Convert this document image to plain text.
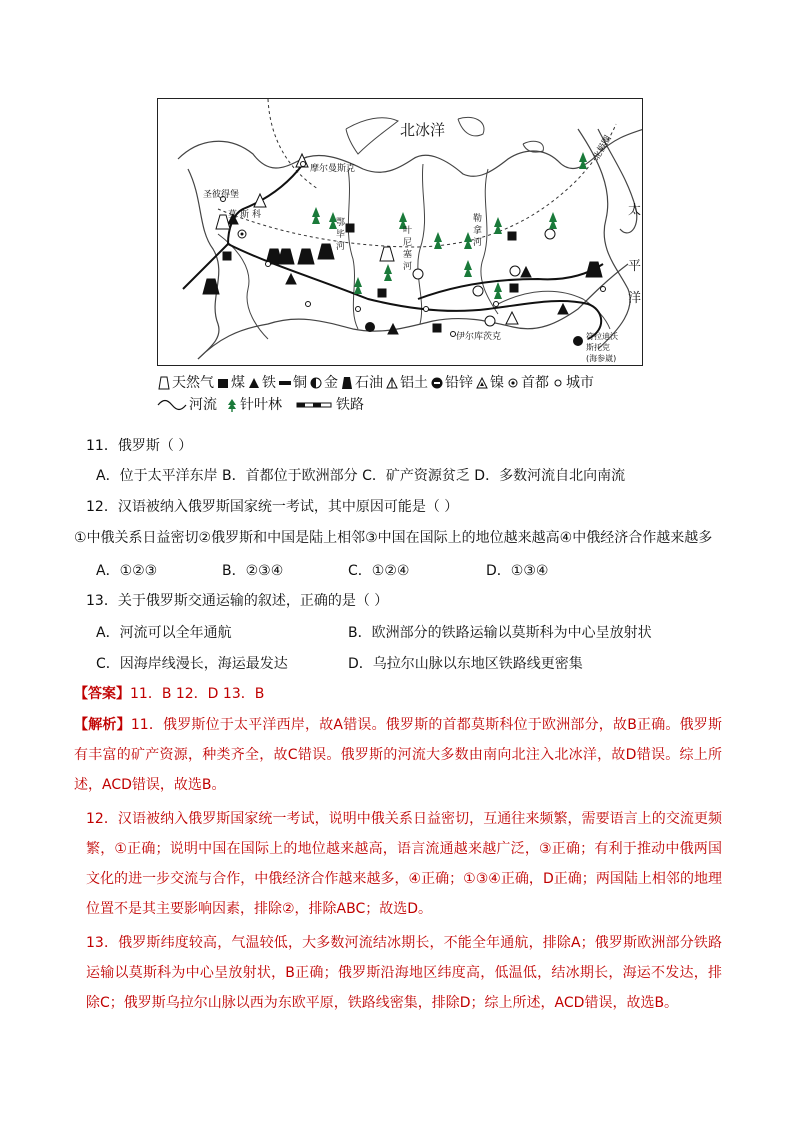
北冰洋
太
平
洋
摩尔曼斯克
圣彼得堡
莫 斯 科
北极圈
鄂
毕
河
叶
尼
塞
河
勒
拿
河
伊尔库茨克	符拉迪沃
斯托克
(海参崴)
天然气 煤 铁 铜 金 石油 铝土 铅锌 镍 首都 城市
河流 针叶林	铁路
11．俄罗斯（ ）
A．位于太平洋东岸 B．首都位于欧洲部分 C．矿产资源贫乏 D．多数河流自北向南流
12．汉语被纳入俄罗斯国家统一考试，其中原因可能是（ ）
①中俄关系日益密切②俄罗斯和中国是陆上相邻③中国在国际上的地位越来越高④中俄经济合作越来越多
A．①②③	B．②③④	C．①②④	D．①③④
13．关于俄罗斯交通运输的叙述，正确的是（ ）
A．河流可以全年通航	B．欧洲部分的铁路运输以莫斯科为中心呈放射状
C．因海岸线漫长，海运最发达	D．乌拉尔山脉以东地区铁路线更密集
【答案】11．B 12．D 13．B

【解析】11．俄罗斯位于太平洋西岸，故A错误。俄罗斯的首都莫斯科位于欧洲部分，故B正确。俄罗斯有丰富的矿产资源，种类齐全，故C错误。俄罗斯的河流大多数由南向北注入北冰洋，故D错误。综上所述，ACD错误，故选B。

12．汉语被纳入俄罗斯国家统一考试，说明中俄关系日益密切，互通往来频繁，需要语言上的交流更频繁，①正确；说明中国在国际上的地位越来越高，语言流通越来越广泛，③正确；有利于推动中俄两国文化的进一步交流与合作，中俄经济合作越来越多，④正确；①③④正确，D正确；两国陆上相邻的地理位置不是其主要影响因素，排除②，排除ABC；故选D。

13．俄罗斯纬度较高，气温较低，大多数河流结冰期长，不能全年通航，排除A；俄罗斯欧洲部分铁路运输以莫斯科为中心呈放射状，B正确；俄罗斯沿海地区纬度高，低温低，结冰期长，海运不发达，排除C；俄罗斯乌拉尔山脉以西为东欧平原，铁路线密集，排除D；综上所述，ACD错误，故选B。
